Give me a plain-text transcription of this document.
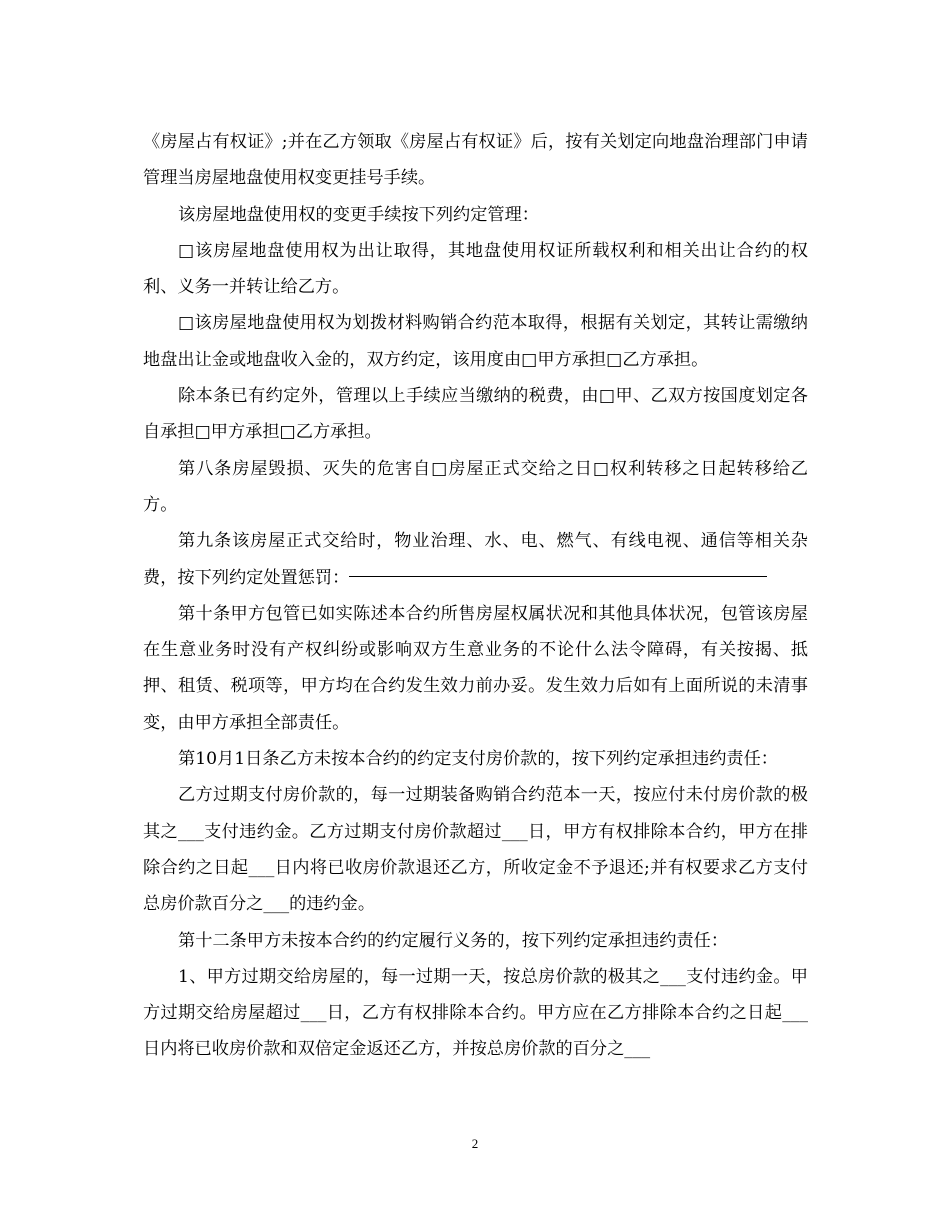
《房屋占有权证》;并在乙方领取《房屋占有权证》后，按有关划定向地盘治理部门申请管理当房屋地盘使用权变更挂号手续。

该房屋地盘使用权的变更手续按下列约定管理：

□该房屋地盘使用权为出让取得，其地盘使用权证所载权利和相关出让合约的权利、义务一并转让给乙方。

□该房屋地盘使用权为划拨材料购销合约范本取得，根据有关划定，其转让需缴纳地盘出让金或地盘收入金的，双方约定，该用度由□甲方承担□乙方承担。

除本条已有约定外，管理以上手续应当缴纳的税费，由□甲、乙双方按国度划定各自承担□甲方承担□乙方承担。

第八条房屋毁损、灭失的危害自□房屋正式交给之日□权利转移之日起转移给乙方。

第九条该房屋正式交给时，物业治理、水、电、燃气、有线电视、通信等相关杂费，按下列约定处置惩罚：

第十条甲方包管已如实陈述本合约所售房屋权属状况和其他具体状况，包管该房屋在生意业务时没有产权纠纷或影响双方生意业务的不论什么法令障碍，有关按揭、抵押、租赁、税项等，甲方均在合约发生效力前办妥。发生效力后如有上面所说的未清事变，由甲方承担全部责任。

第10月1日条乙方未按本合约的约定支付房价款的，按下列约定承担违约责任：

乙方过期支付房价款的，每一过期装备购销合约范本一天，按应付未付房价款的极其之___支付违约金。乙方过期支付房价款超过___日，甲方有权排除本合约，甲方在排除合约之日起___日内将已收房价款退还乙方，所收定金不予退还;并有权要求乙方支付总房价款百分之___的违约金。

第十二条甲方未按本合约的约定履行义务的，按下列约定承担违约责任：

1、甲方过期交给房屋的，每一过期一天，按总房价款的极其之___支付违约金。甲方过期交给房屋超过___日，乙方有权排除本合约。甲方应在乙方排除本合约之日起___日内将已收房价款和双倍定金返还乙方，并按总房价款的百分之___

2
